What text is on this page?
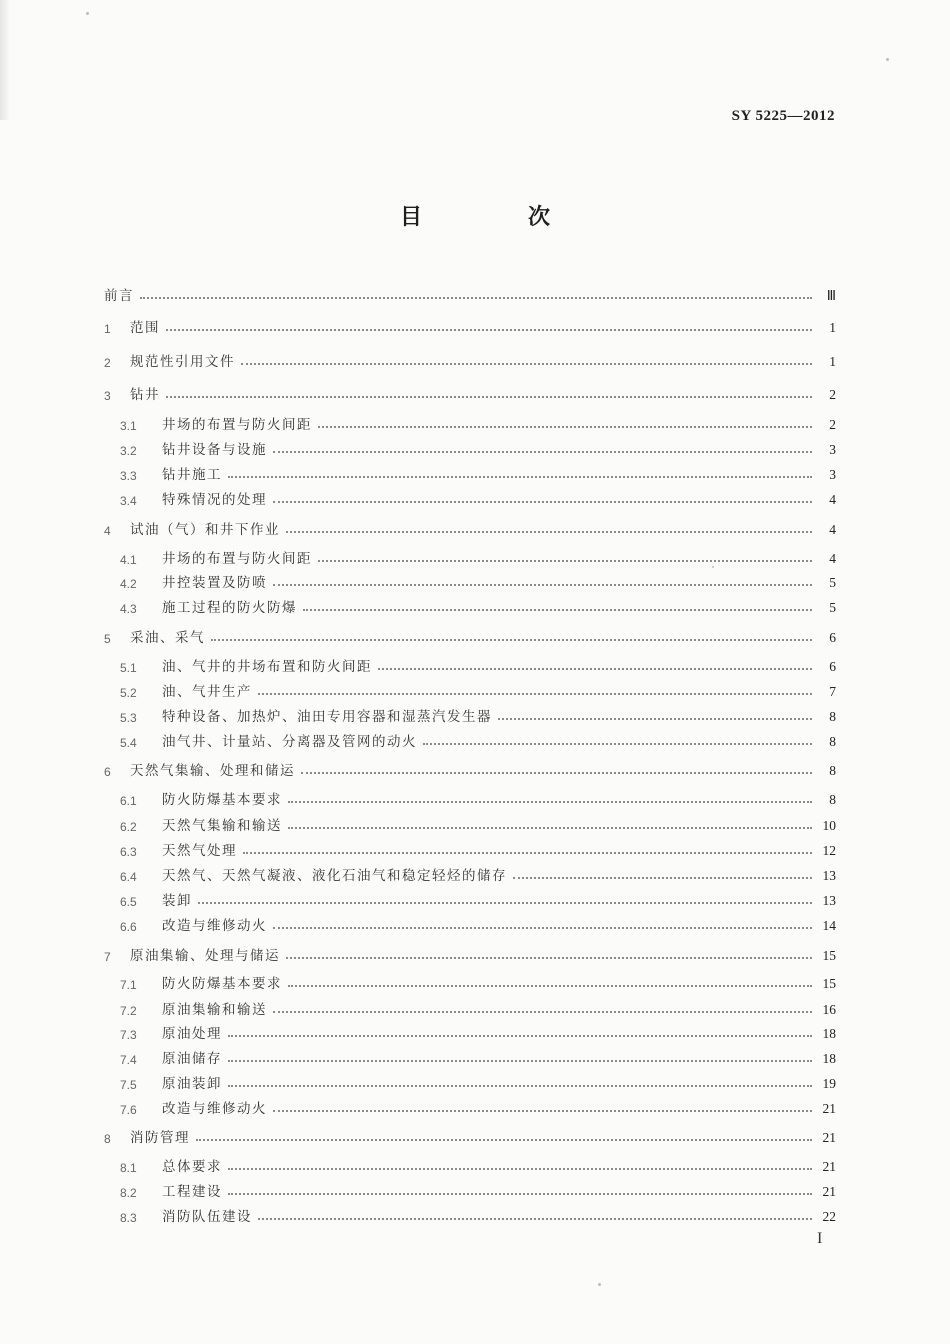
SY 5225—2012
目　次
前言	Ⅲ
1	范围	1
2	规范性引用文件	1
3	钻井	2
3.1	井场的布置与防火间距	2
3.2	钻井设备与设施	3
3.3	钻井施工	3
3.4	特殊情况的处理	4
4	试油（气）和井下作业	4
4.1	井场的布置与防火间距	4
4.2	井控装置及防喷	5
4.3	施工过程的防火防爆	5
5	采油、采气	6
5.1	油、气井的井场布置和防火间距	6
5.2	油、气井生产	7
5.3	特种设备、加热炉、油田专用容器和湿蒸汽发生器	8
5.4	油气井、计量站、分离器及管网的动火	8
6	天然气集输、处理和储运	8
6.1	防火防爆基本要求	8
6.2	天然气集输和输送	10
6.3	天然气处理	12
6.4	天然气、天然气凝液、液化石油气和稳定轻烃的储存	13
6.5	装卸	13
6.6	改造与维修动火	14
7	原油集输、处理与储运	15
7.1	防火防爆基本要求	15
7.2	原油集输和输送	16
7.3	原油处理	18
7.4	原油储存	18
7.5	原油装卸	19
7.6	改造与维修动火	21
8	消防管理	21
8.1	总体要求	21
8.2	工程建设	21
8.3	消防队伍建设	22
I
